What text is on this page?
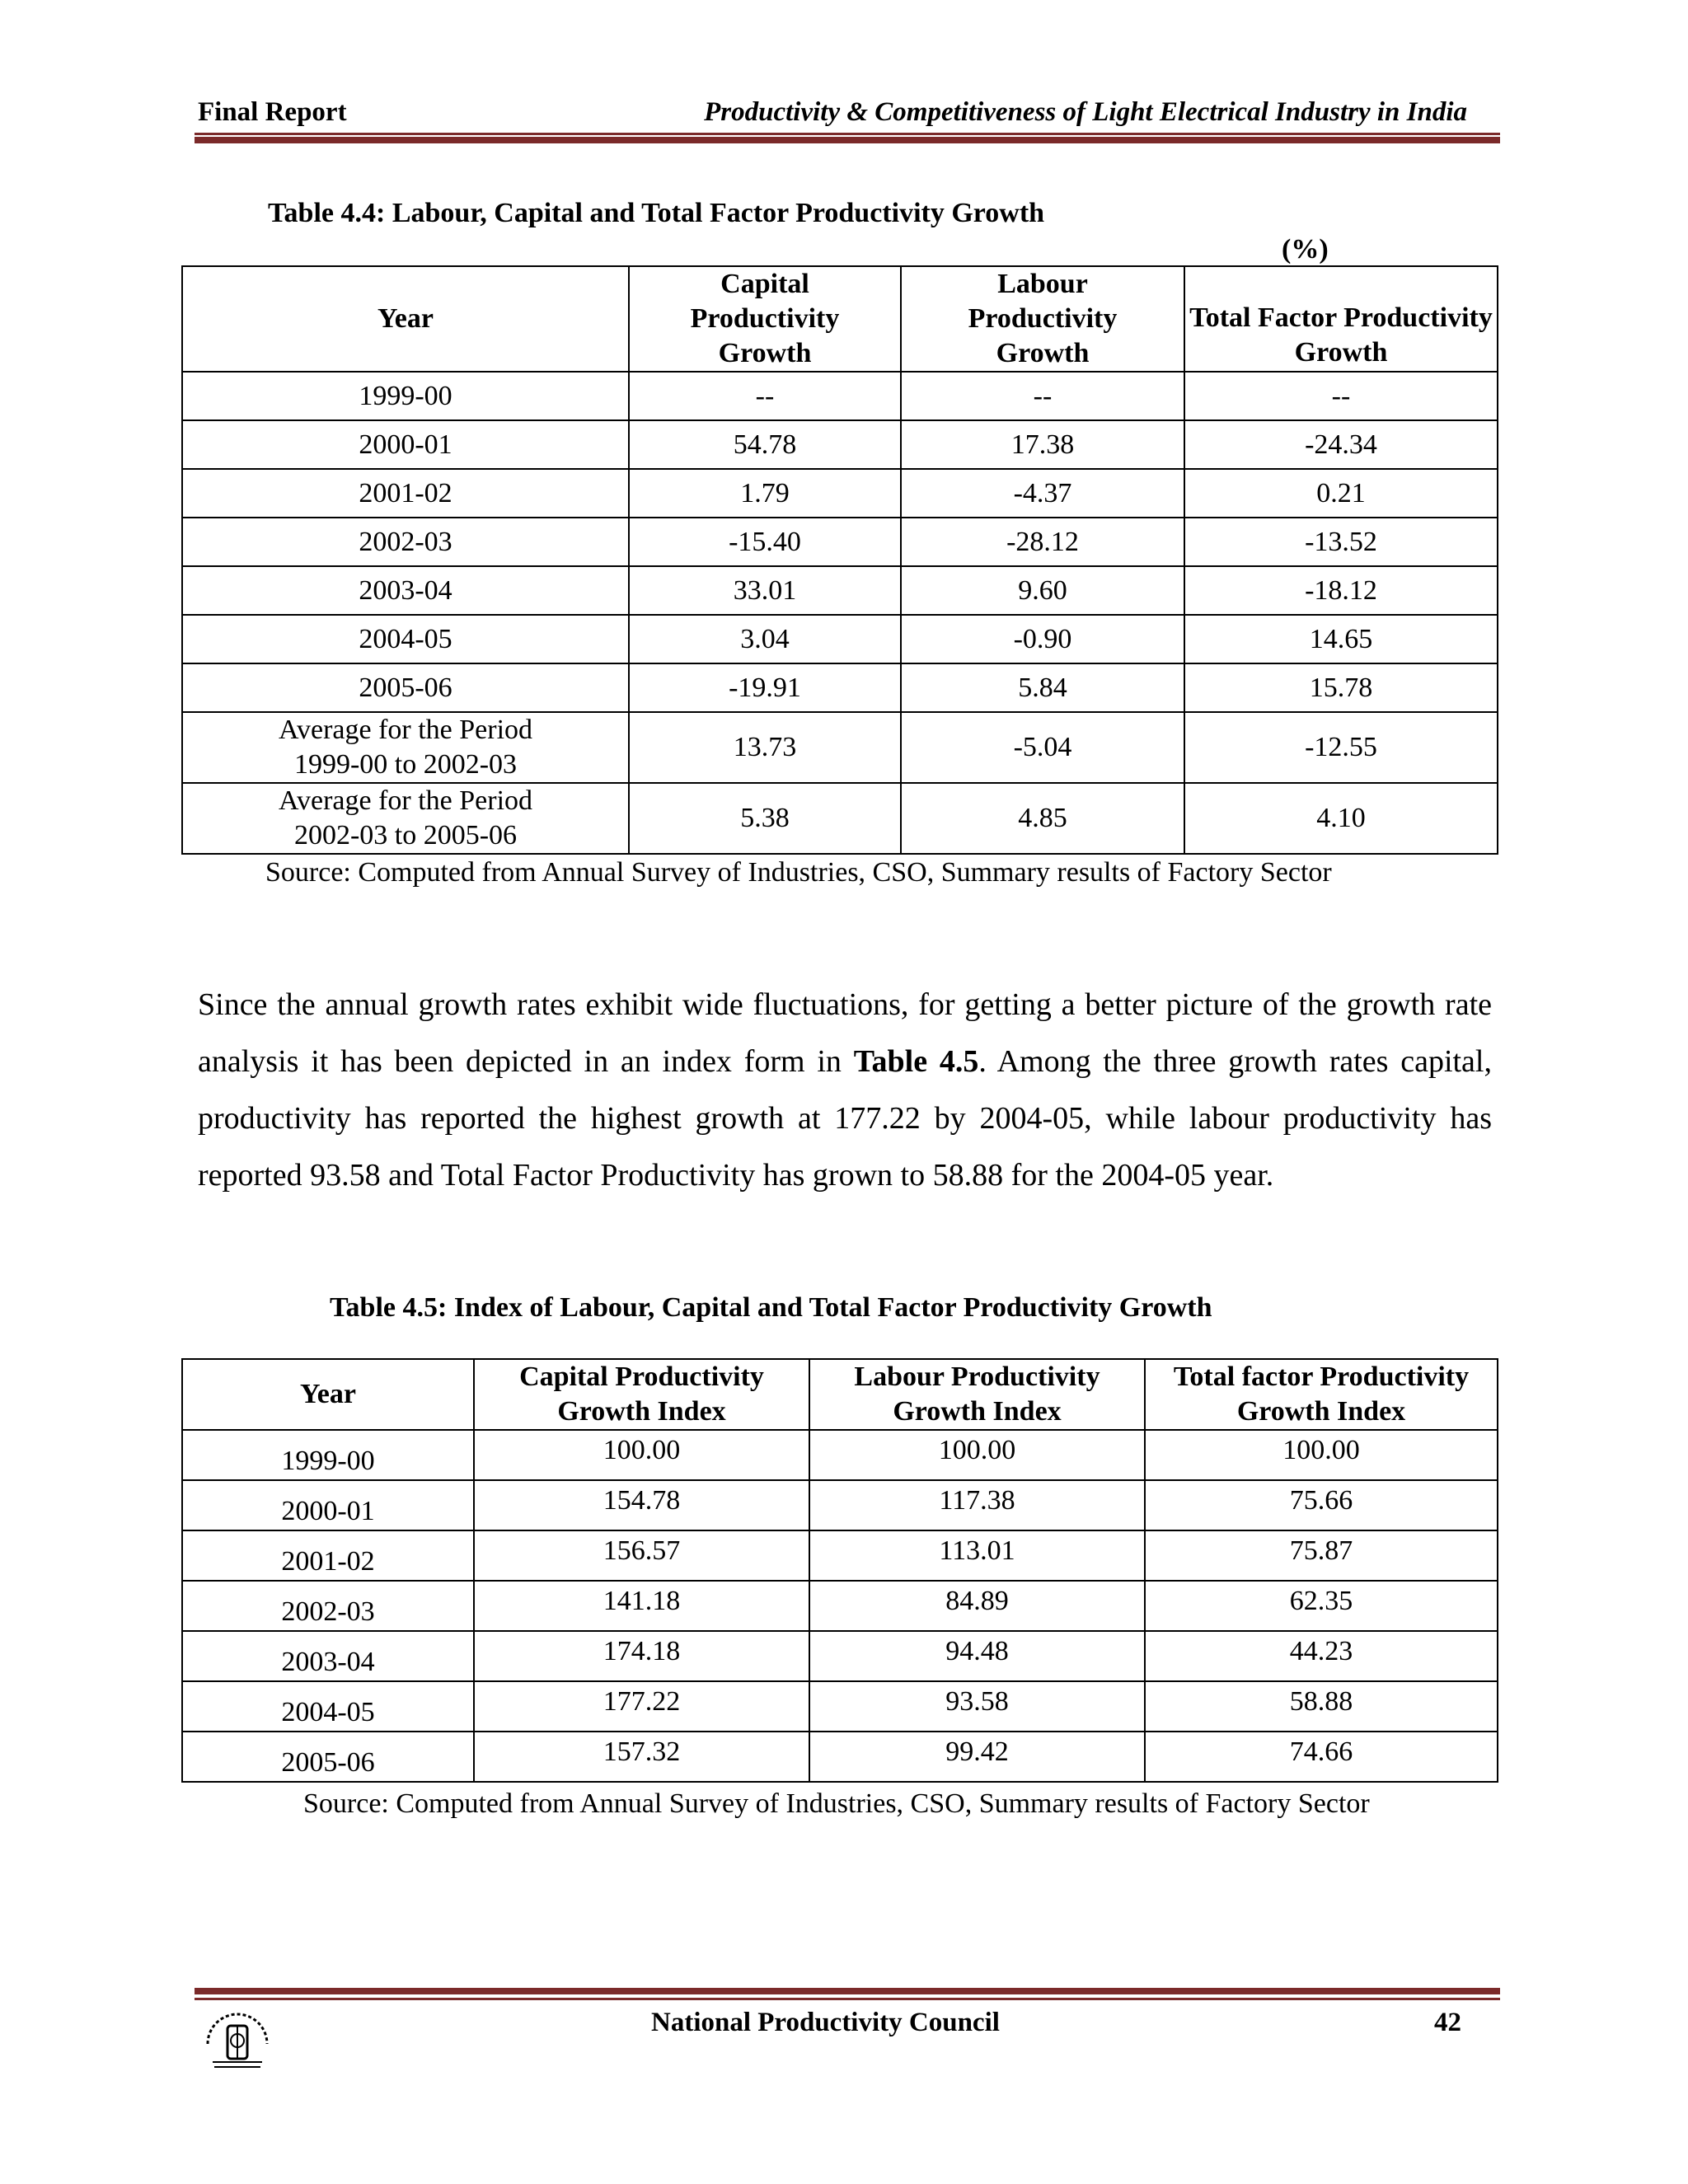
Final Report	Productivity & Competitiveness of Light Electrical Industry in India
Table 4.4: Labour, Capital and Total Factor Productivity Growth
(%)
Year	Capital Productivity Growth	Labour Productivity Growth	Total Factor Productivity Growth
1999-00	--	--	--
2000-01	54.78	17.38	-24.34
2001-02	1.79	-4.37	0.21
2002-03	-15.40	-28.12	-13.52
2003-04	33.01	9.60	-18.12
2004-05	3.04	-0.90	14.65
2005-06	-19.91	5.84	15.78

Average for the Period
1999-00 to 2002-03	13.73	-5.04	-12.55

Average for the Period
2002-03 to 2005-06	5.38	4.85	4.10
Source: Computed from Annual Survey of Industries, CSO, Summary results of Factory Sector
Since the annual growth rates exhibit wide fluctuations, for getting a better picture of the growth rate analysis it has been depicted in an index form in Table 4.5. Among the three growth rates capital, productivity has reported the highest growth at 177.22 by 2004-05, while labour productivity has reported 93.58 and Total Factor Productivity has grown to 58.88 for the 2004-05 year.
Table 4.5: Index of Labour, Capital and Total Factor Productivity Growth
Year	Capital Productivity Growth Index	Labour Productivity Growth Index	Total factor Productivity Growth Index
1999-00	100.00	100.00	100.00
2000-01	154.78	117.38	75.66
2001-02	156.57	113.01	75.87
2002-03	141.18	84.89	62.35
2003-04	174.18	94.48	44.23
2004-05	177.22	93.58	58.88
2005-06	157.32	99.42	74.66
Source: Computed from Annual Survey of Industries, CSO, Summary results of Factory Sector
National Productivity Council	42
